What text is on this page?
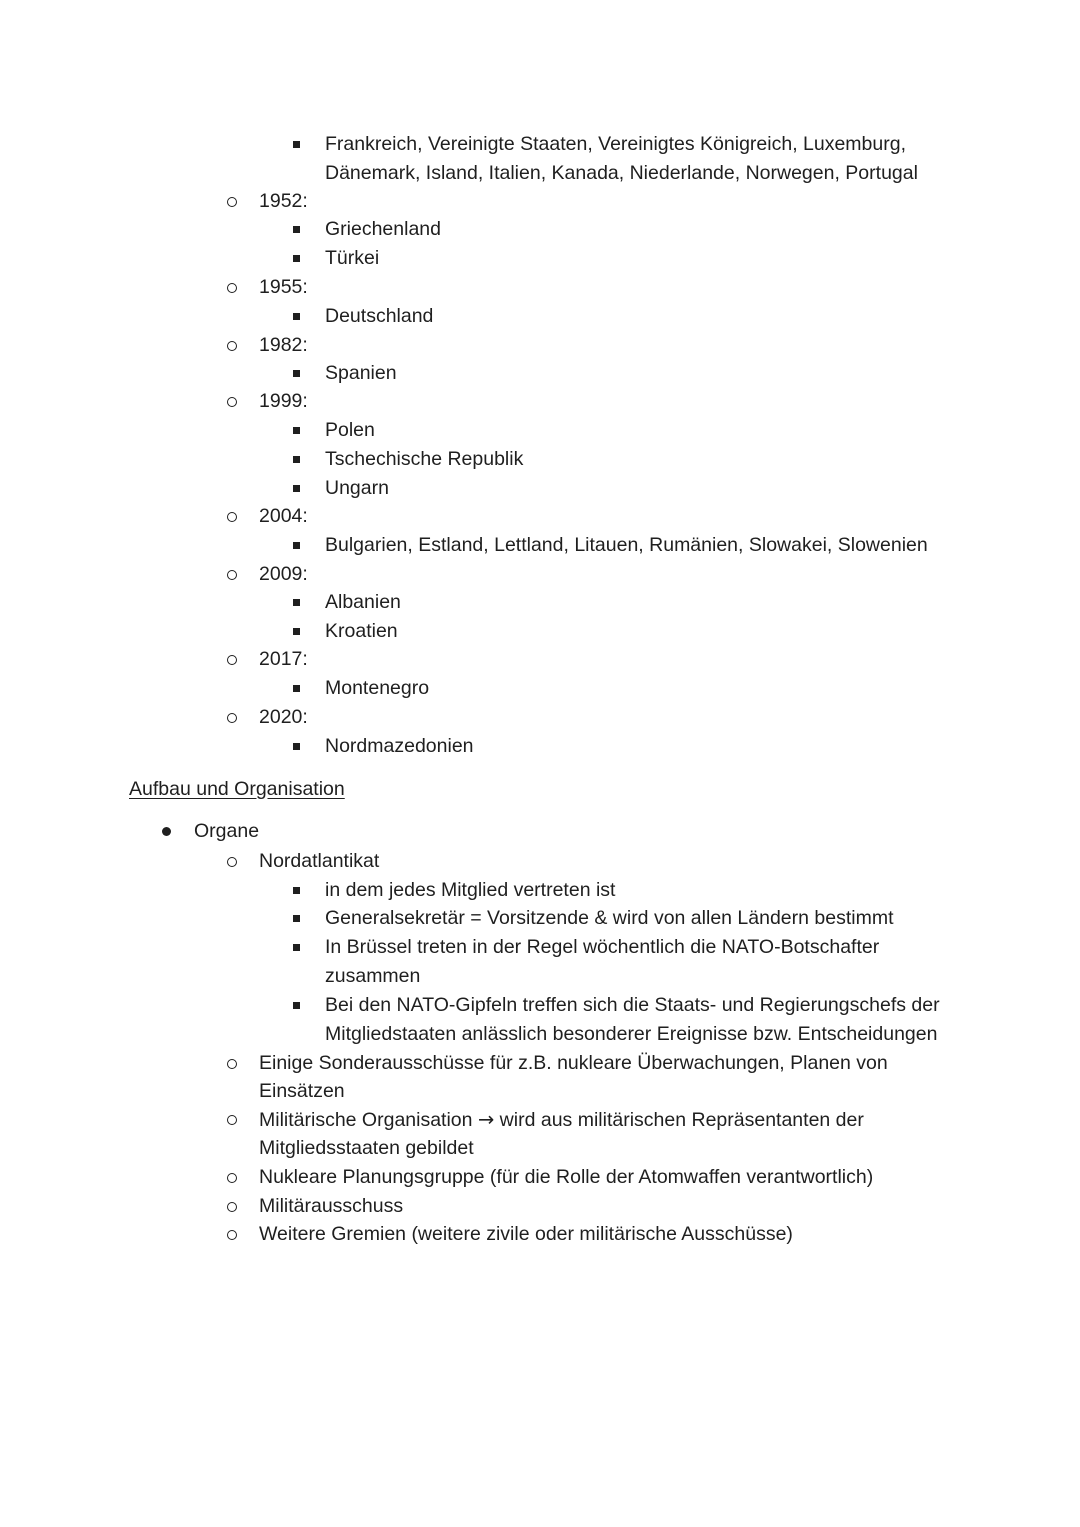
Frankreich, Vereinigte Staaten, Vereinigtes Königreich, Luxemburg,
Dänemark, Island, Italien, Kanada, Niederlande, Norwegen, Portugal
1952:
Griechenland
Türkei
1955:
Deutschland
1982:
Spanien
1999:
Polen
Tschechische Republik
Ungarn
2004:
Bulgarien, Estland, Lettland, Litauen, Rumänien, Slowakei, Slowenien
2009:
Albanien
Kroatien
2017:
Montenegro
2020:
Nordmazedonien
Aufbau und Organisation
Organe
Nordatlantikat
in dem jedes Mitglied vertreten ist
Generalsekretär = Vorsitzende & wird von allen Ländern bestimmt
In Brüssel treten in der Regel wöchentlich die NATO-Botschafter
zusammen
Bei den NATO-Gipfeln treffen sich die Staats- und Regierungschefs der
Mitgliedstaaten anlässlich besonderer Ereignisse bzw. Entscheidungen
Einige Sonderausschüsse für z.B. nukleare Überwachungen, Planen von
Einsätzen
Militärische Organisation → wird aus militärischen Repräsentanten der
Mitgliedsstaaten gebildet
Nukleare Planungsgruppe (für die Rolle der Atomwaffen verantwortlich)
Militärausschuss
Weitere Gremien (weitere zivile oder militärische Ausschüsse)
